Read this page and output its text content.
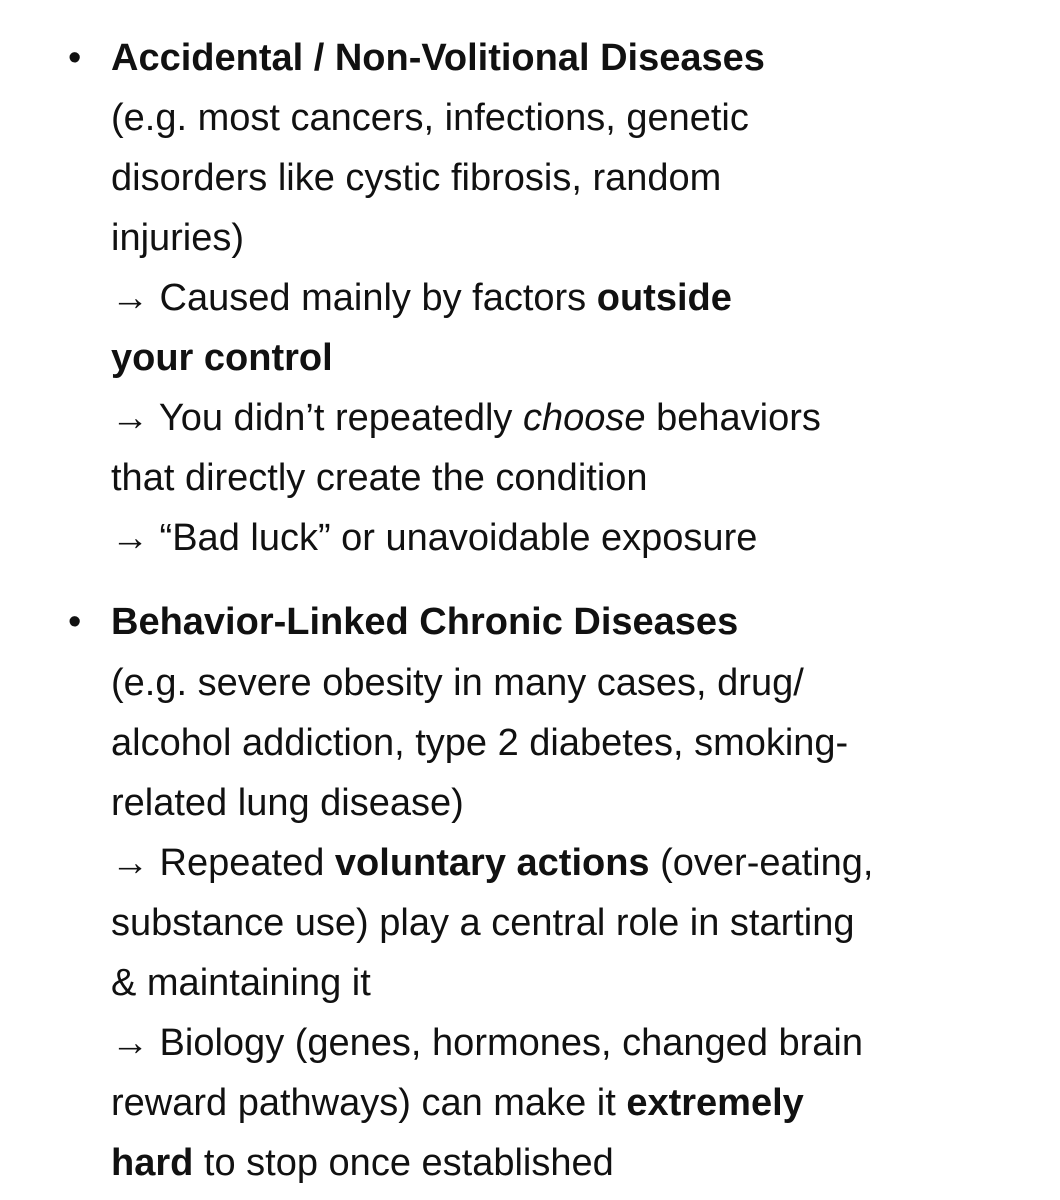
• Accidental / Non-Volitional Diseases
(e.g. most cancers, infections, genetic
disorders like cystic fibrosis, random
injuries)
→ Caused mainly by factors outside
your control
→ You didn’t repeatedly choose behaviors
that directly create the condition
→ “Bad luck” or unavoidable exposure
• Behavior-Linked Chronic Diseases
(e.g. severe obesity in many cases, drug/
alcohol addiction, type 2 diabetes, smoking-
related lung disease)
→ Repeated voluntary actions (over-eating,
substance use) play a central role in starting
& maintaining it
→ Biology (genes, hormones, changed brain
reward pathways) can make it extremely
hard to stop once established
